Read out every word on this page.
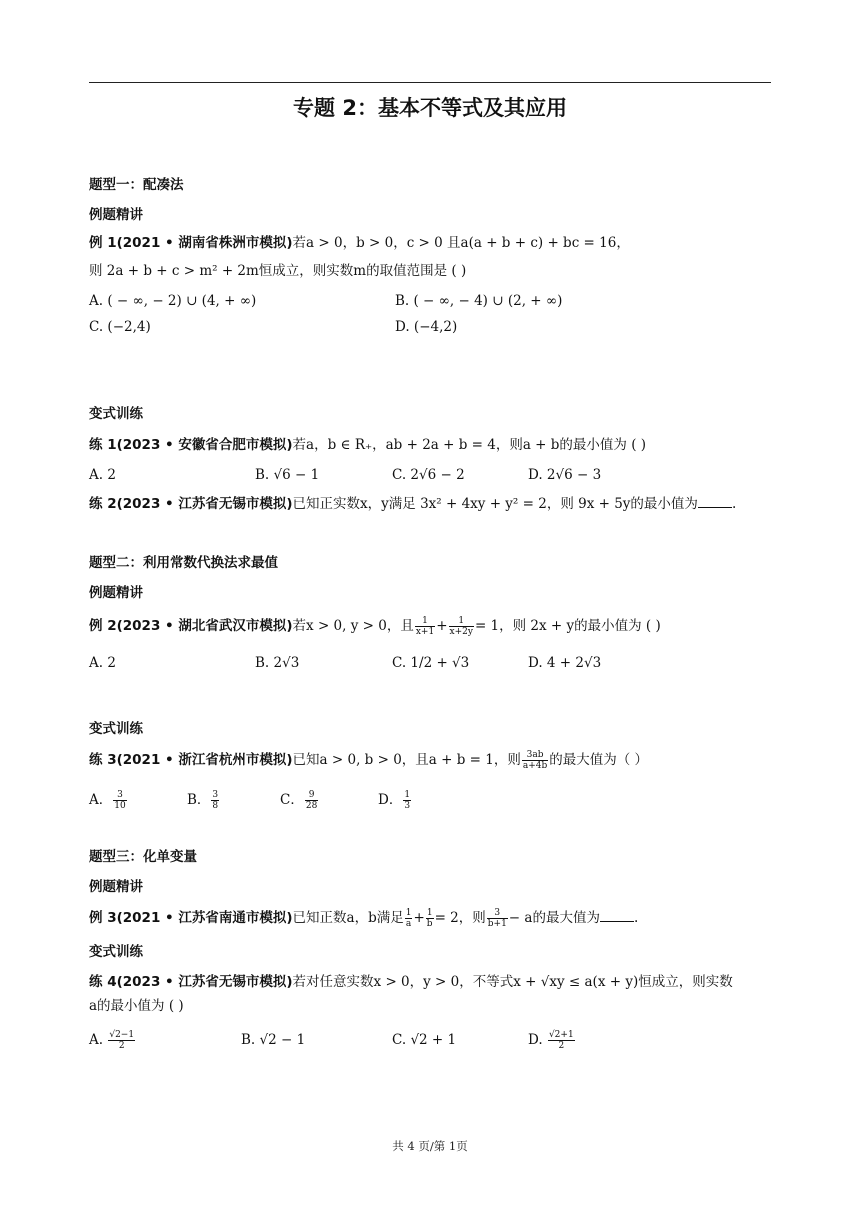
专题 2：基本不等式及其应用
题型一：配凑法
例题精讲
例 1(2021 • 湖南省株洲市模拟)若a > 0，b > 0，c > 0 且a(a + b + c) + bc = 16，
则 2a + b + c > m² + 2m恒成立，则实数m的取值范围是 ( )
A. ( − ∞, − 2) ∪ (4, + ∞)	B. ( − ∞, − 4) ∪ (2, + ∞)
C. (−2,4)	D. (−4,2)
变式训练
练 1(2023 • 安徽省合肥市模拟)若a，b ∈ R₊，ab + 2a + b = 4，则a + b的最小值为 ( )
A. 2	B. √6 − 1	C. 2√6 − 2	D. 2√6 − 3
练 2(2023 • 江苏省无锡市模拟)已知正实数x，y满足 3x² + 4xy + y² = 2，则 9x + 5y的最小值为	.
题型二：利用常数代换法求最值
例题精讲
例 2(2023 • 湖北省武汉市模拟)若x > 0, y > 0，且 $\frac{1}{x+1} + \frac{1}{x+2y} = 1$，则 2x + y的最小值为 ( )
A. 2	B. 2√3	C. 1/2 + √3	D. 4 + 2√3
变式训练
练 3(2021 • 浙江省杭州市模拟)已知a > 0, b > 0，且a + b = 1，则 $\frac{3ab}{a+4b}$ 的最大值为（ ）
A． $\frac{3}{10}$	B． $\frac{3}{8}$	C． $\frac{9}{28}$	D． $\frac{1}{3}$
题型三：化单变量
例题精讲
例 3(2021 • 江苏省南通市模拟)已知正数a，b满足 $\frac{1}{a} + \frac{1}{b} = 2$，则 $\frac{3}{b+1} - a$的最大值为	.
变式训练
练 4(2023 • 江苏省无锡市模拟)若对任意实数x > 0，y > 0，不等式x + √xy ≤ a(x + y)恒成立，则实数
a的最小值为 ( )
A. $\frac{√2-1}{2}$	B. √2 − 1	C. √2 + 1	D. $\frac{√2+1}{2}$
共 4 页/第 1页
